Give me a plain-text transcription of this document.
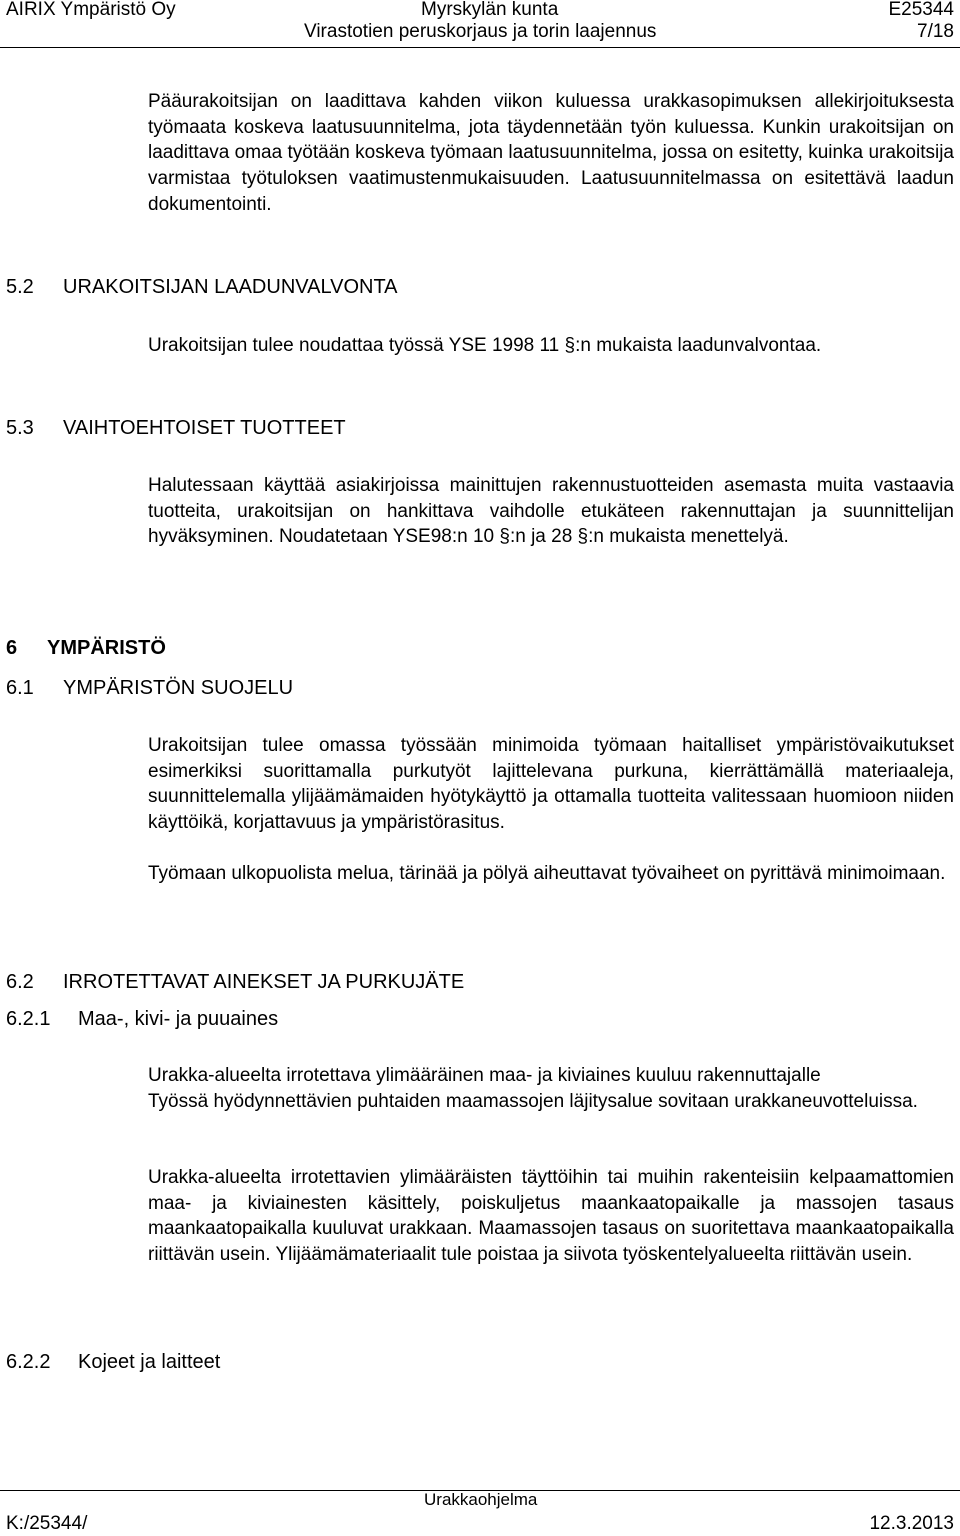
AIRIX Ympäristö Oy	Myrskylän kunta	E25344
Virastotien peruskorjaus ja torin laajennus	7/18

Pääurakoitsijan on laadittava kahden viikon kuluessa urakkasopimuksen allekirjoituksesta työmaata koskeva laatusuunnitelma, jota täydennetään työn kuluessa. Kunkin urakoitsijan on laadittava omaa työtään koskeva työmaan laatusuunnitelma, jossa on esitetty, kuinka urakoitsija varmistaa työtuloksen vaatimustenmukaisuuden. Laatusuunnitelmassa on esitettävä laadun dokumentointi.

5.2 URAKOITSIJAN LAADUNVALVONTA

Urakoitsijan tulee noudattaa työssä YSE 1998 11 §:n mukaista laadunvalvontaa.

5.3 VAIHTOEHTOISET TUOTTEET

Halutessaan käyttää asiakirjoissa mainittujen rakennustuotteiden asemasta muita vastaavia tuotteita, urakoitsijan on hankittava vaihdolle etukäteen rakennuttajan ja suunnittelijan hyväksyminen. Noudatetaan YSE98:n 10 §:n ja 28 §:n mukaista menettelyä.

6 YMPÄRISTÖ
6.1 YMPÄRISTÖN SUOJELU

Urakoitsijan tulee omassa työssään minimoida työmaan haitalliset ympäristövaikutukset esimerkiksi suorittamalla purkutyöt lajittelevana purkuna, kierrättämällä materiaaleja, suunnittelemalla ylijäämämaiden hyötykäyttö ja ottamalla tuotteita valitessaan huomioon niiden käyttöikä, korjattavuus ja ympäristörasitus.

Työmaan ulkopuolista melua, tärinää ja pölyä aiheuttavat työvaiheet on pyrittävä minimoimaan.

6.2 IRROTETTAVAT AINEKSET JA PURKUJÄTE
6.2.1 Maa-, kivi- ja puuaines

Urakka-alueelta irrotettava ylimääräinen maa- ja kiviaines kuuluu rakennuttajalle

Työssä hyödynnettävien puhtaiden maamassojen läjitysalue sovitaan urakkaneuvotteluissa.

Urakka-alueelta irrotettavien ylimääräisten täyttöihin tai muihin rakenteisiin kelpaamattomien maa- ja kiviainesten käsittely, poiskuljetus maankaatopaikalle ja massojen tasaus maankaatopaikalla kuuluvat urakkaan. Maamassojen tasaus on suoritettava maankaatopaikalla riittävän usein. Ylijäämämateriaalit tule poistaa ja siivota työskentelyalueelta riittävän usein.

6.2.2 Kojeet ja laitteet
Urakkaohjelma
K:/25344/	12.3.2013
